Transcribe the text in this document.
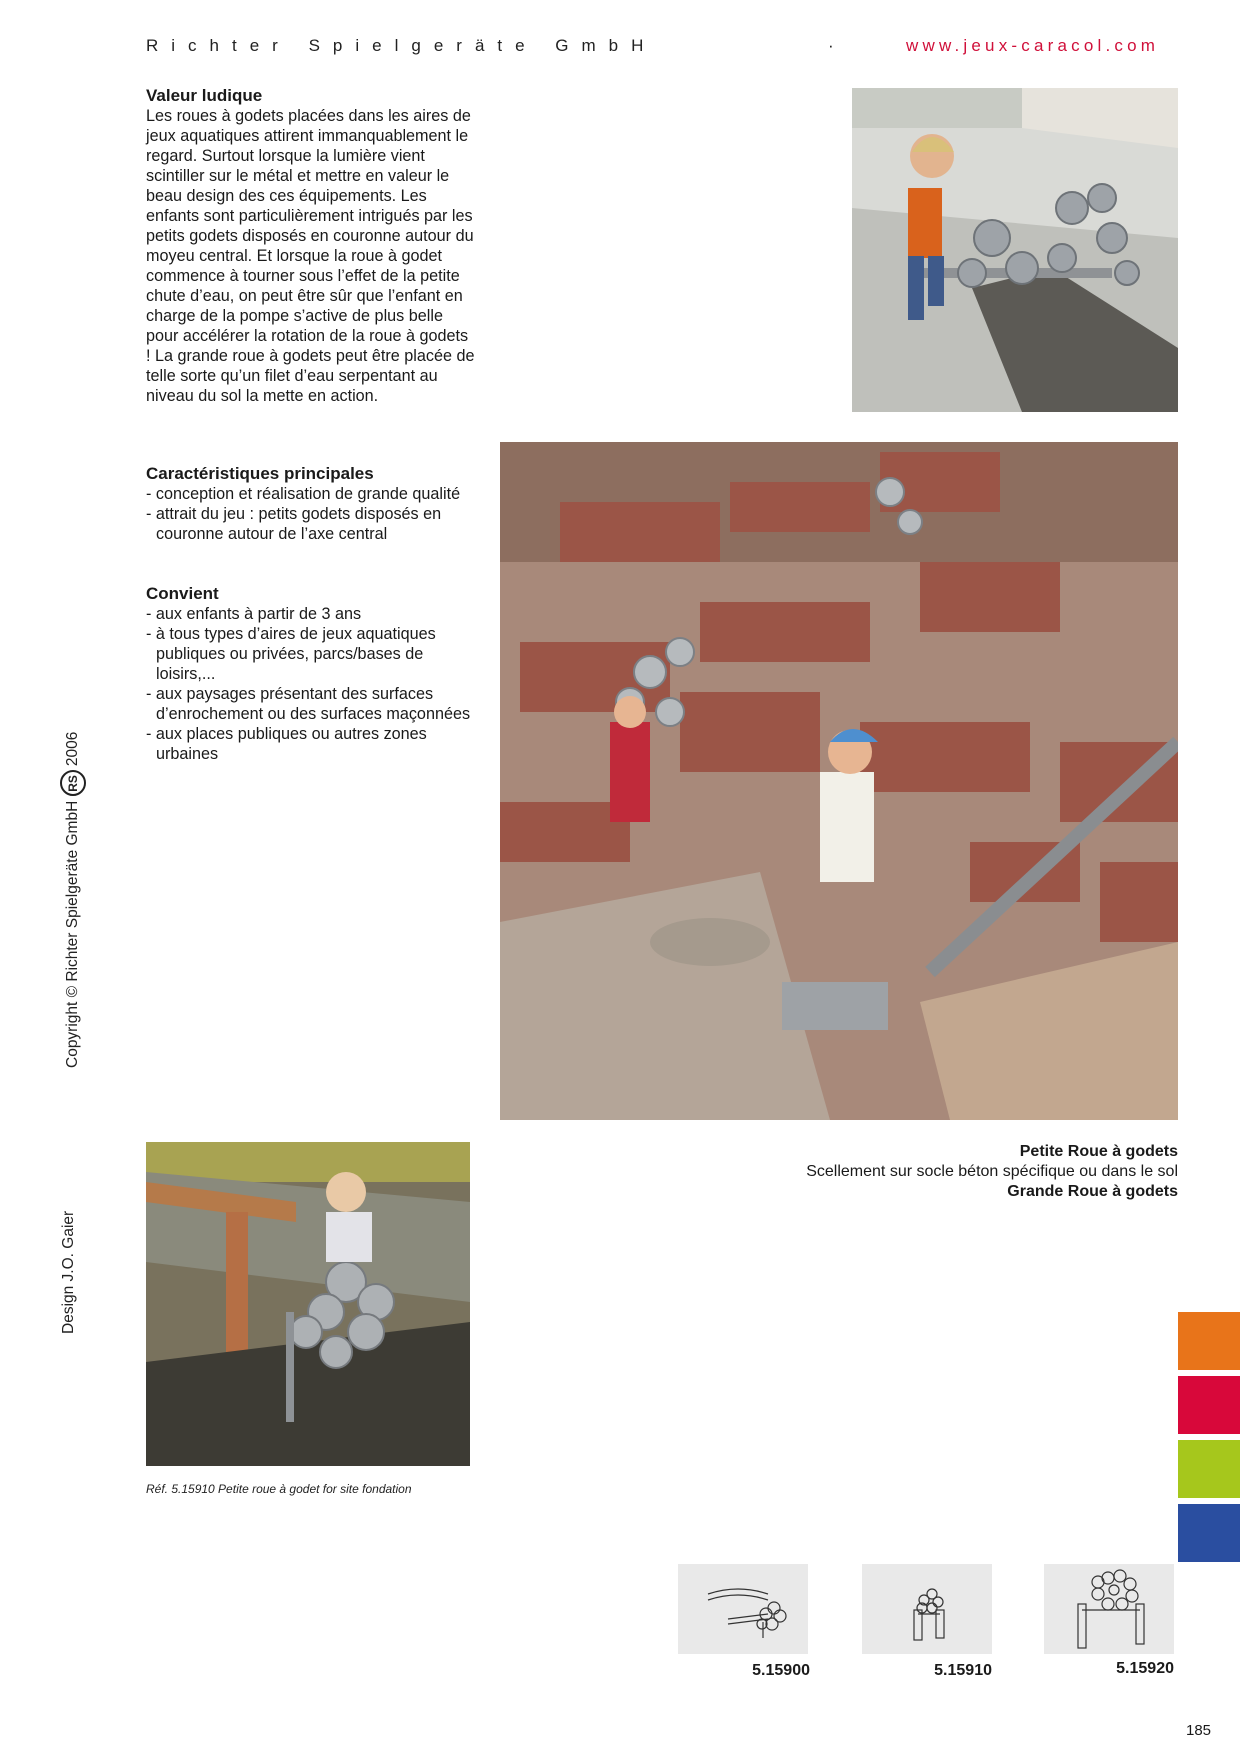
Richter Spielgeräte GmbH	·	www.jeux-caracol.com
Valeur ludique

Les roues à godets placées dans les aires de jeux aquatiques attirent immanquablement le regard. Surtout lorsque la lumière vient scintiller sur le métal et mettre en valeur le beau design des ces équipements. Les enfants sont particulièrement intrigués par les petits godets disposés en couronne autour du moyeu central. Et lorsque la roue à godet commence à tourner sous l’effet de la petite chute d’eau, on peut être sûr que l’enfant en charge de la pompe s’active de plus belle pour accélérer la rotation de la roue à godets ! La grande roue à godets peut être placée de telle sorte qu’un filet d’eau serpentant au niveau du sol la mette en action.

Caractéristiques principales
- conception et réalisation de grande qualité
- attrait du jeu : petits godets disposés en couronne autour de l’axe central
Convient
- aux enfants à partir de 3 ans
- à tous types d’aires de jeux aquatiques publiques ou privées, parcs/bases de loisirs,...
- aux paysages présentant des surfaces d’enrochement ou des surfaces maçonnées
- aux places publiques ou autres zones urbaines
Copyright © Richter Spielgeräte GmbH RS 2006
Design J.O. Gaier
Réf. 5.15910 Petite roue à godet for site fondation
Petite Roue à godets
Scellement sur socle béton spécifique ou dans le sol
Grande Roue à godets
5.15900	5.15910	5.15920
185
